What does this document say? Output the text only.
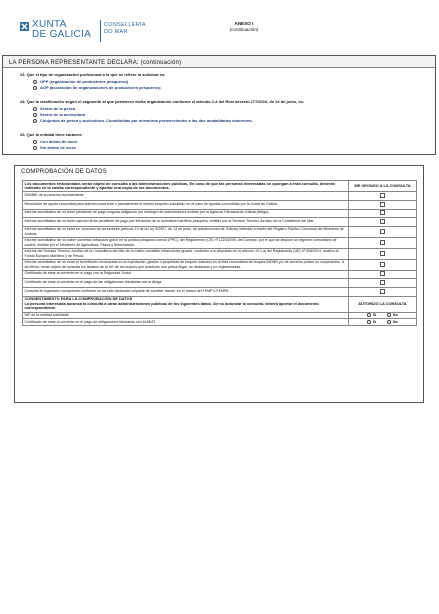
XUNTA
DE GALICIA
CONSELLERÍA
DO MAR
ANEXO I
(continuación)
LA PERSONA REPRESENTANTE DECLARA: (continuación)
23. Que el tipo de organización profesional a la que se refiere la solicitud es:
OPP (organización de productores pesqueros)
AOP (asociación de organizaciones de productores pesqueros)
24. Que la clasificación según el segmento al que pertenece dicha organización conforme el artículo 2.4 del Real decreto 277/2016, de 24 de junio, es:
Sector de la pesca
Sector de la acuicultura
Conjuntos de pesca y acuicultura. Constituidas por miembros pertenecientes a las dos modalidades anteriores.
25. Que la entidad tiene carácter:
Con ánimo de lucro
Sin ánimo de lucro
COMPROBACIÓN DE DATOS
Los documentos relacionados serán objeto de consulta a las administraciones públicas. En caso de que las personas interesadas se opongan a esta consulta, deberán indicarlo en la casilla correspondiente y aportar una copia de los documentos.	ME OPONGO A LA CONSULTA
DNI/NIE de la persona representante	
Resolución de ayuda concedida para subvencionar total o parcialmente el mismo proyecto solicitado, en el caso de ayudas concedidas por la Xunta de Galicia.	
Informe acreditativo de no tener pendiente de pago ninguna obligación por reintegro de subvenciones emitido por la Agencia Tributaria de Galicia (Atriga).	
Informe acreditativo de no tener sanción firme pendiente de pago por infracción de la normativa marítimo-pesquera, emitido por el Servicio Técnico-Jurídico de la Consellería del Mar.	
Informe acreditativo de no estar en concurso de acreedores (artículo 10 de la Ley 9/2007, de 13 de junio, de subvenciones de Galicia) obtenido a través del Registro Público Concursal del Ministerio de Justicia.	
Informe acreditativo de no haber cometido infracción grave en la política pesquera común (PPC), del Reglamento (CE) nº 1224/2009, del Consejo, por el que se dispone un régimen comunitario de control, emitido por el Ministerio de Agricultura, Pesca y Alimentación.	
Informe del Servicio Técnico-Jurídico de la Consellería del Mar de no haber cometido infracciones graves, conforme a lo dispuesto en el artículo 10.1.a) del Reglamento (UE) nº 508/2014, relativo al Fondo Europeo Marítimo y de Pesca.	
Informe acreditativo de no estar el beneficiario involucrado en la explotación, gestión o propiedad de buques incluidos en la lista comunitaria de buques INDNR y/o de terceros países no cooperantes. A tal efecto, serán objeto de consulta los listados de la UE de los buques que practican una pesca ilegal, no declarada y no reglamentada.	
Certificado de estar al corriente en el pago con la Seguridad Social	
Certificado de estar al corriente en el pago de las obligaciones tributarias con la Atriga	
Consulta al organismo competente conforme no ha sido declarado culpable de cometer fraude, en el marco del FEMP o FEMPA	

CONSENTIMIENTO PARA LA COMPROBACIÓN DE DATOS
La persona interesada autoriza la consulta a otras administraciones públicas de los siguientes datos. De no autorizar la consulta, deberá aportar el documento correspondiente.	AUTORIZO LA CONSULTA
NIF de la entidad solicitante	Sí No
Certificado de estar al corriente en el pago de obligaciones tributarias con la AEAT	Sí No
